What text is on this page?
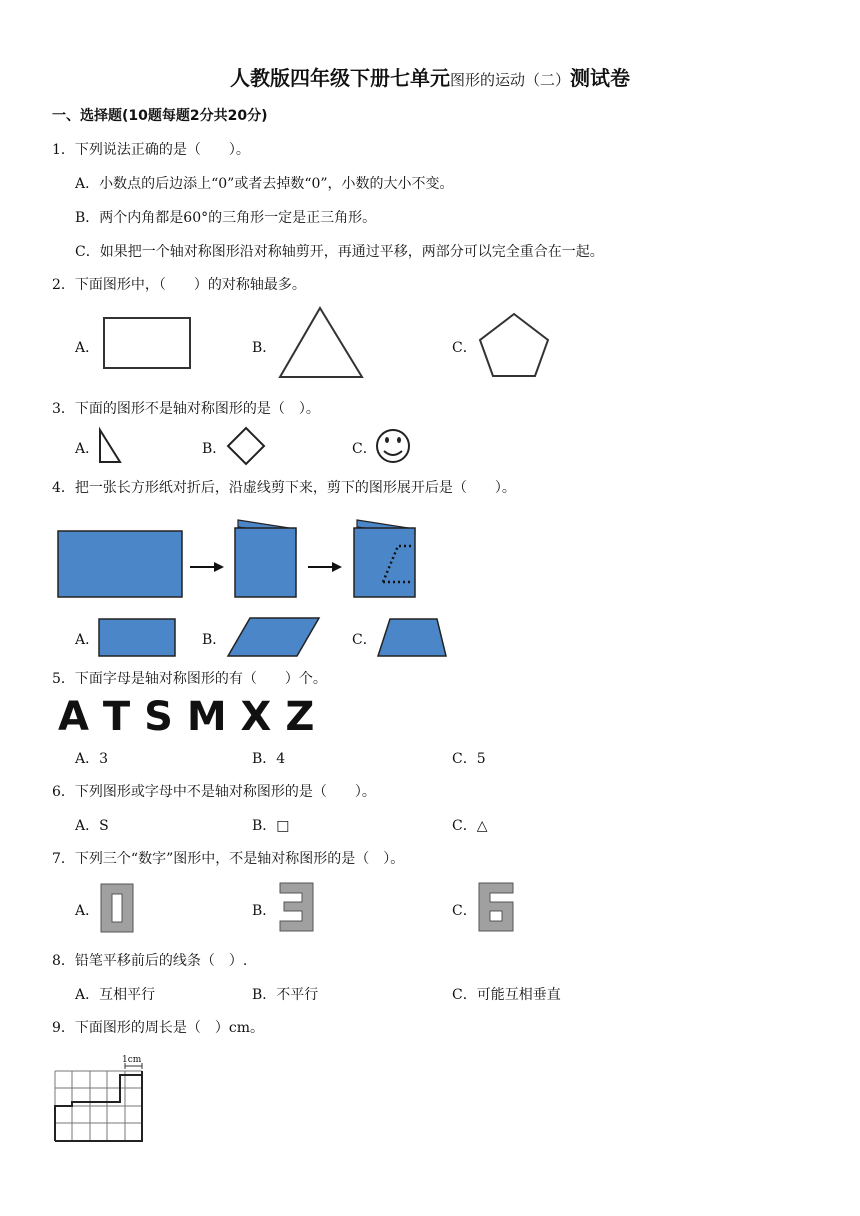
人教版四年级下册七单元图形的运动（二）测试卷
一、选择题(10题每题2分共20分)
1．下列说法正确的是（　　）。
A．小数点的后边添上“0”或者去掉数“0”，小数的大小不变。
B．两个内角都是60°的三角形一定是正三角形。
C．如果把一个轴对称图形沿对称轴剪开，再通过平移，两部分可以完全重合在一起。
2．下面图形中，（　　）的对称轴最多。
A．	B．	C．
3．下面的图形不是轴对称图形的是（　）。
A．	B．	C．
4．把一张长方形纸对折后，沿虚线剪下来，剪下的图形展开后是（　　）。
A．	B．	C．
5．下面字母是轴对称图形的有（　　）个。
A T S M X Z
A．3	B．4	C．5
6．下列图形或字母中不是轴对称图形的是（　　）。
A．S	B．□	C．△
7．下列三个“数字”图形中，不是轴对称图形的是（　）。
A．	B．	C．
8．铅笔平移前后的线条（　）.
A．互相平行	B．不平行	C．可能互相垂直
9．下面图形的周长是（　）cm。
1cm
